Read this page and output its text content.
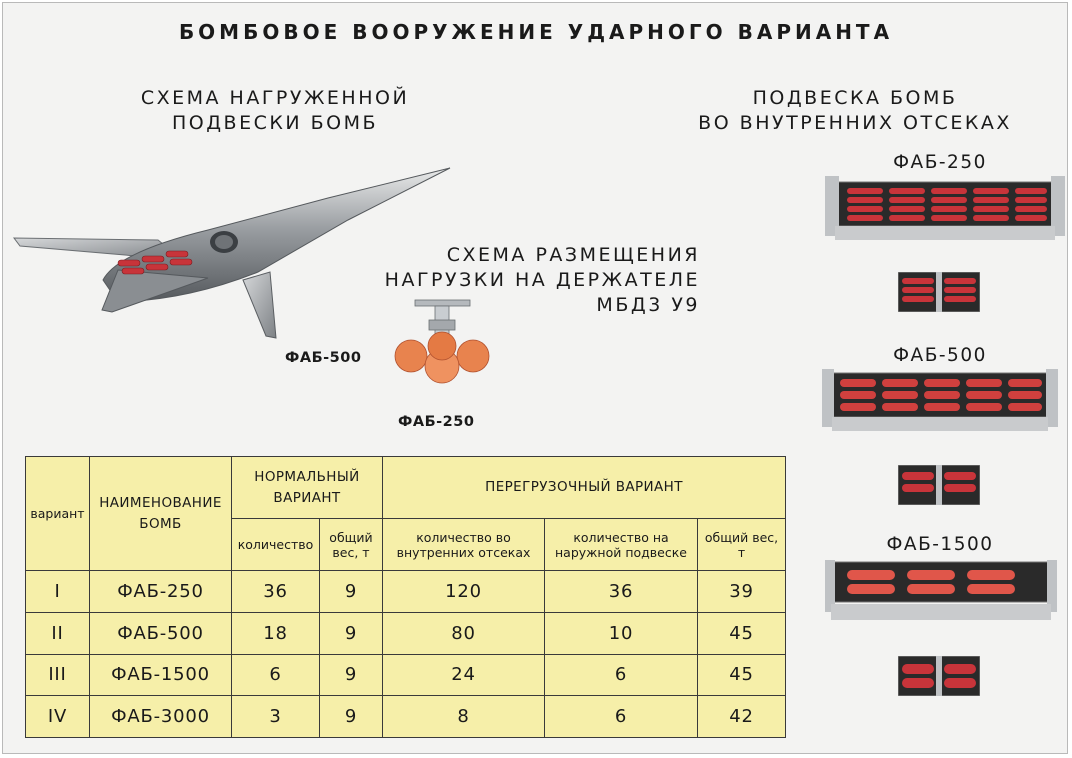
БОМБОВОЕ ВООРУЖЕНИЕ УДАРНОГО ВАРИАНТА
СХЕМА НАГРУЖЕННОЙ
ПОДВЕСКИ БОМБ
ПОДВЕСКА БОМБ
ВО ВНУТРЕННИХ ОТСЕКАХ
СХЕМА РАЗМЕЩЕНИЯ
НАГРУЗКИ НА ДЕРЖАТЕЛЕ
МБД3 У9
ФАБ-500
ФАБ-250
ФАБ-250
ФАБ-500
ФАБ-1500
вариант	НАИМЕНОВАНИЕ БОМБ	НОРМАЛЬНЫЙ ВАРИАНТ		ПЕРЕГРУЗОЧНЫЙ ВАРИАНТ		
		количество	общий вес, т	количество во внутренних отсеках	количество на наружной подвеске	общий вес, т
I	ФАБ-250	36	9	120	36	39
II	ФАБ-500	18	9	80	10	45
III	ФАБ-1500	6	9	24	6	45
IV	ФАБ-3000	3	9	8	6	42
